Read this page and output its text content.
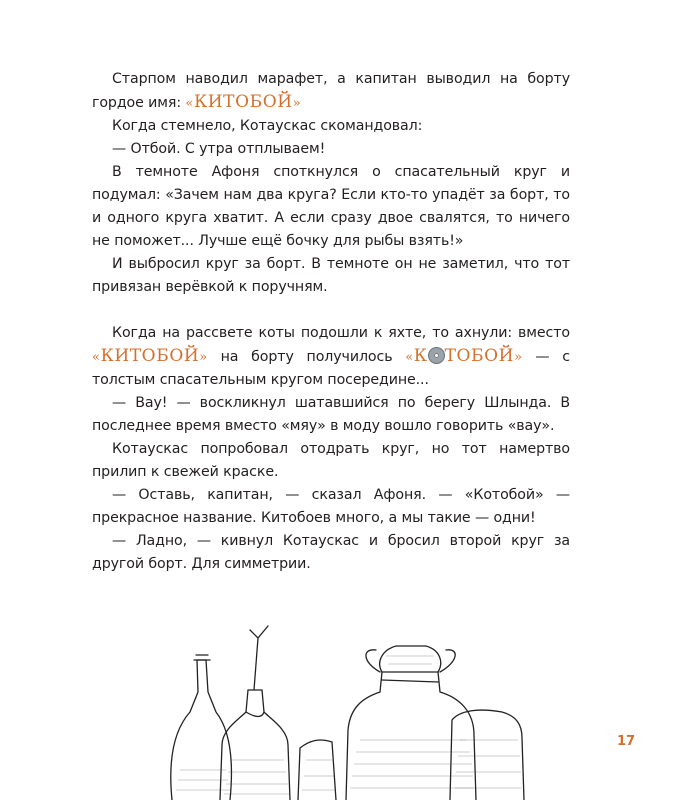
Старпом наводил марафет, а капитан выводил на борту гордое имя: «КИТОБОЙ»

Когда стемнело, Котаускас скомандовал:

— Отбой. С утра отплываем!

В темноте Афоня споткнулся о спасательный круг и подумал: «Зачем нам два круга? Если кто-то упадёт за борт, то и одного круга хватит. А если сразу двое свалятся, то ничего не поможет... Лучше ещё бочку для рыбы взять!»

И выбросил круг за борт. В темноте он не заметил, что тот привязан верёвкой к поручням.

Когда на рассвете коты подошли к яхте, то ахнули: вместо «КИТОБОЙ» на борту получилось «К ТОБОЙ» — с толстым спасательным кругом посередине...

— Вау! — воскликнул шатавшийся по берегу Шлында. В последнее время вместо «мяу» в моду вошло говорить «вау».

Котаускас попробовал отодрать круг, но тот намертво прилип к свежей краске.

— Оставь, капитан, — сказал Афоня. — «Котобой» — прекрасное название. Китобоев много, а мы такие — одни!

— Ладно, — кивнул Котаускас и бросил второй круг за другой борт. Для симметрии.

17
